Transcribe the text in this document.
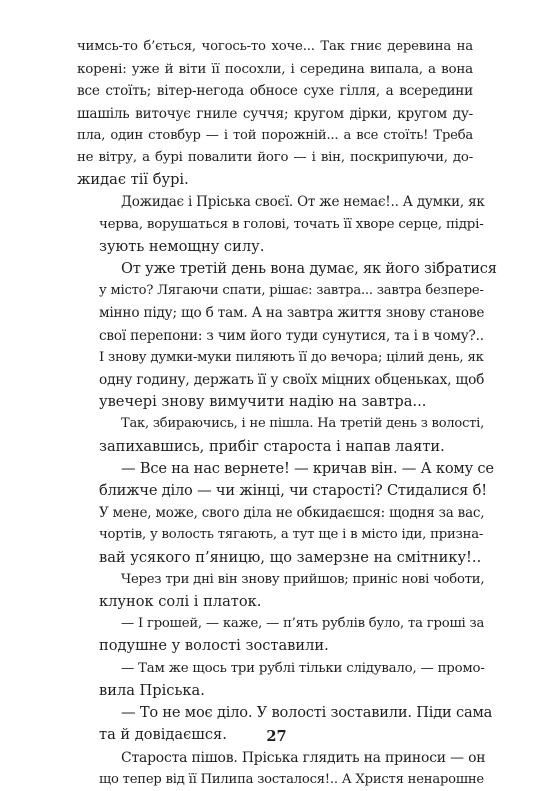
чимсь-то б’ється, чогось-то хоче... Так гниє деревина на
корені: уже й віти її посохли, і середина випала, а вона
все стоїть; вітер-негода обносе сухе гілля, а всередини
шашіль виточує гниле суччя; кругом дірки, кругом ду-
пла, один стовбур — і той порожній... а все стоїть! Треба
не вітру, а бурі повалити його — і він, поскрипуючи, до-
жидає тії бурі.
Дожидає і Пріська своєї. От же немає!.. А думки, як
черва, ворушаться в голові, точать її хворе серце, підрі-
зують немощну силу.
От уже третій день вона думає, як його зібратися
у місто? Лягаючи спати, рішає: завтра... завтра безпере-
мінно піду; що б там. А на завтра життя знову станове
свої перепони: з чим його туди сунутися, та і в чому?..
І знову думки-муки пиляють її до вечора; цілий день, як
одну годину, держать її у своїх міцних обценьках, щоб
увечері знову вимучити надію на завтра...
Так, збираючись, і не пішла. На третій день з волості,
запихавшись, прибіг староста і напав лаяти.
— Все на нас вернете! — кричав він. — А кому се
ближче діло — чи жінці, чи старості? Стидалися б!
У мене, може, свого діла не обкидаєшся: щодня за вас,
чортів, у волость тягають, а тут ще і в місто іди, призна-
вай усякого п’яницю, що замерзне на смітнику!..
Через три дні він знову прийшов; приніс нові чоботи,
клунок солі і платок.
— І грошей, — каже, — п’ять рублів було, та гроші за
подушне у волості зоставили.
— Там же щось три рублі тільки слідувало, — промо-
вила Пріська.
— То не моє діло. У волості зоставили. Піди сама
та й довідаєшся.
Староста пішов. Пріська глядить на приноси — он
що тепер від її Пилипа зосталося!.. А Христя ненарошне
27
